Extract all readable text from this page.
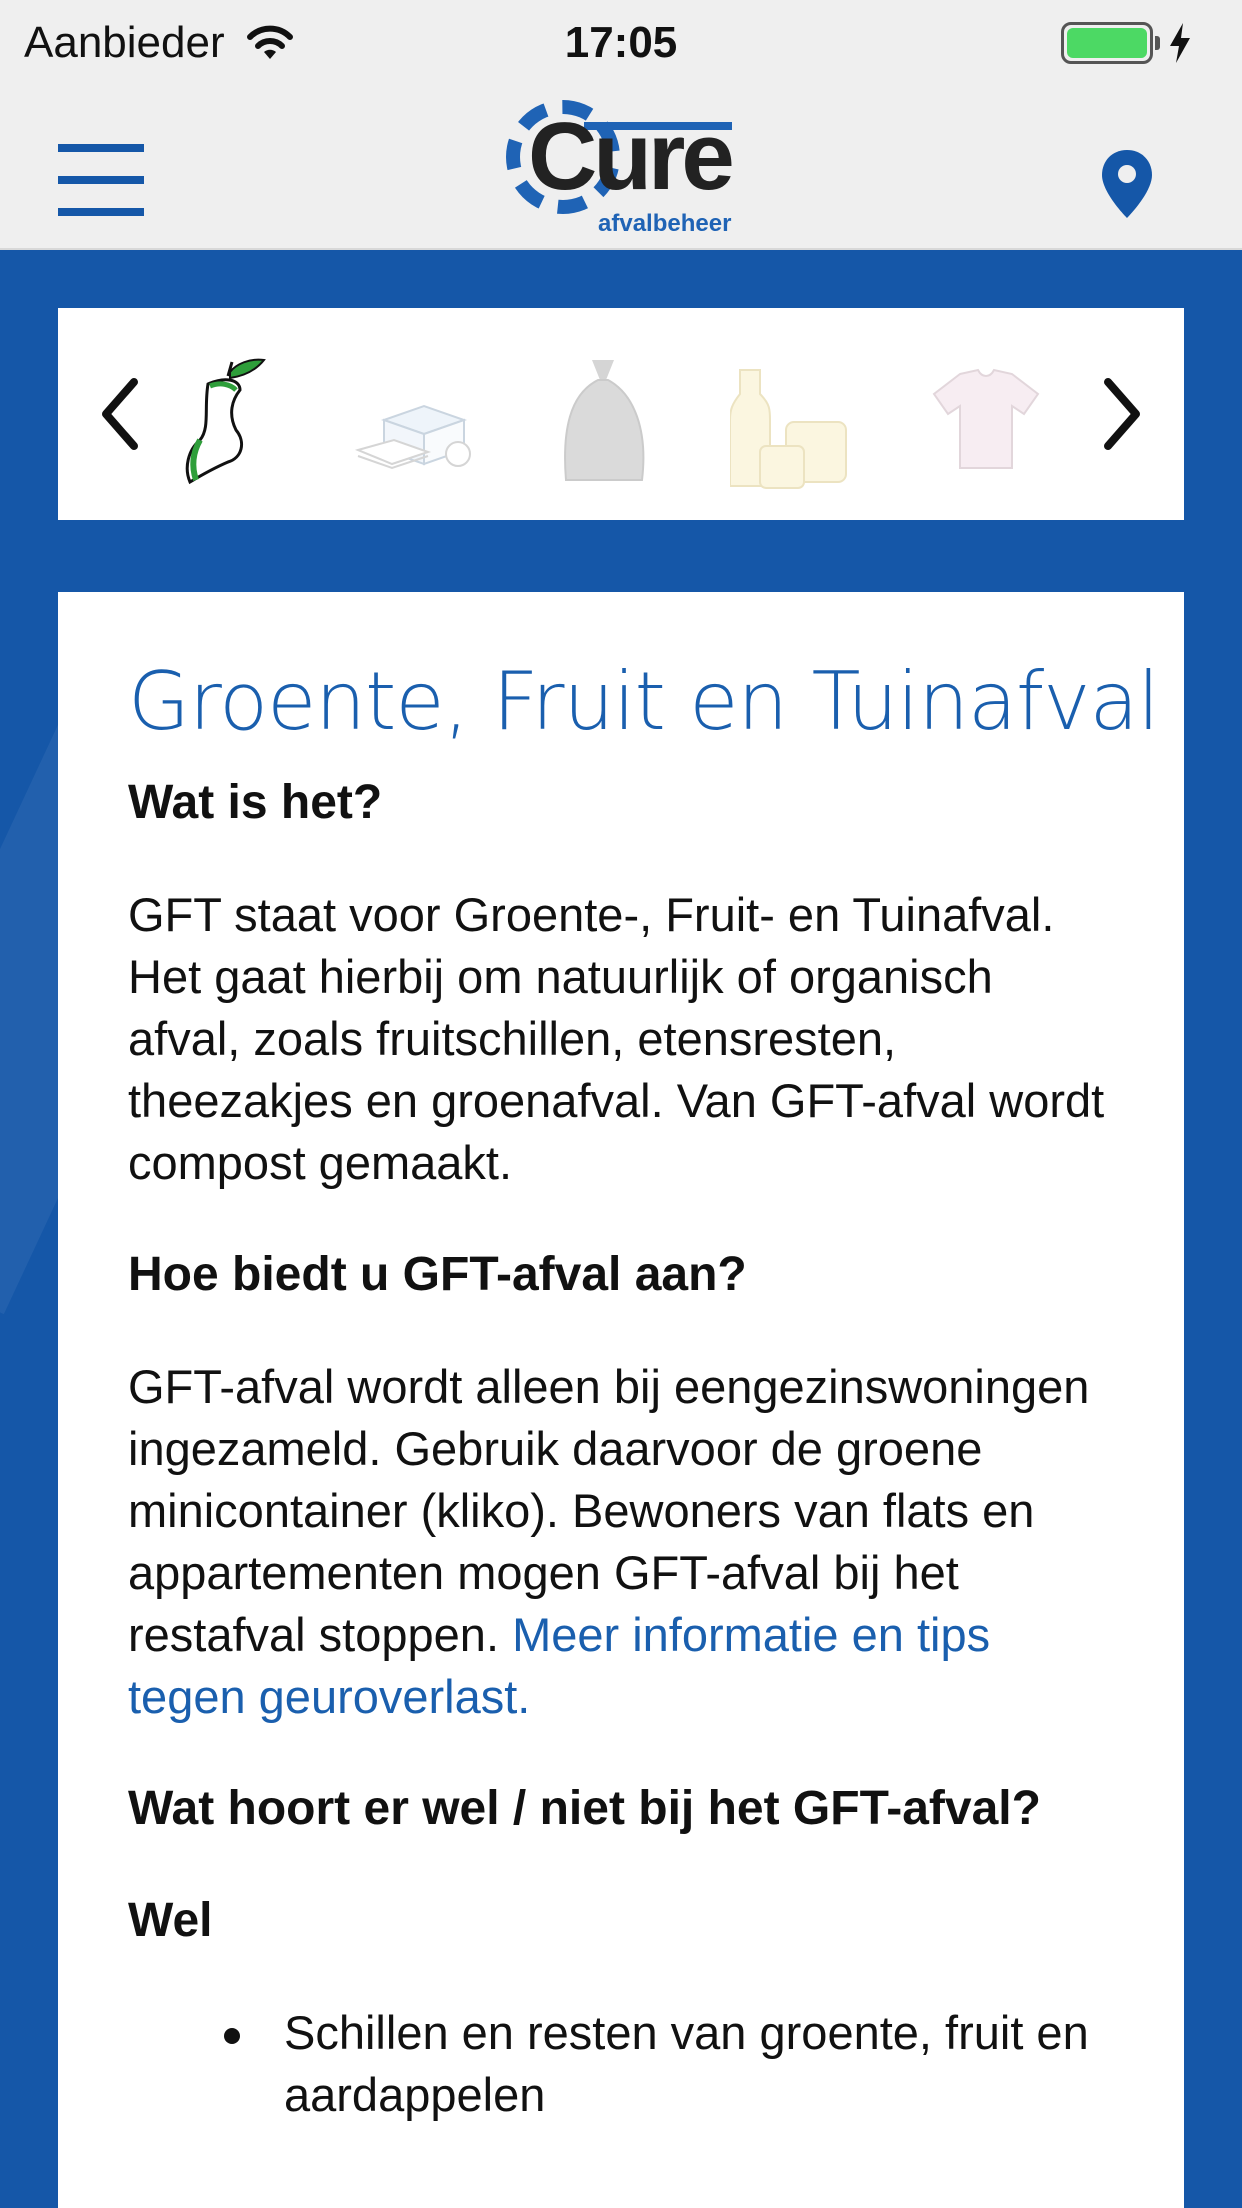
Aanbieder	17:05
Cure
afvalbeheer
Groente, Fruit en Tuinafval
Wat is het?
GFT staat voor Groente-, Fruit- en Tuinafval. Het gaat hierbij om natuurlijk of organisch afval, zoals fruitschillen, etensresten, theezakjes en groenafval. Van GFT-afval wordt compost gemaakt.
Hoe biedt u GFT-afval aan?
GFT-afval wordt alleen bij eengezinswoningen ingezameld. Gebruik daarvoor de groene minicontainer (kliko). Bewoners van flats en appartementen mogen GFT-afval bij het restafval stoppen. Meer informatie en tips tegen geuroverlast.
Wat hoort er wel / niet bij het GFT-afval?
Wel
Schillen en resten van groente, fruit en aardappelen
